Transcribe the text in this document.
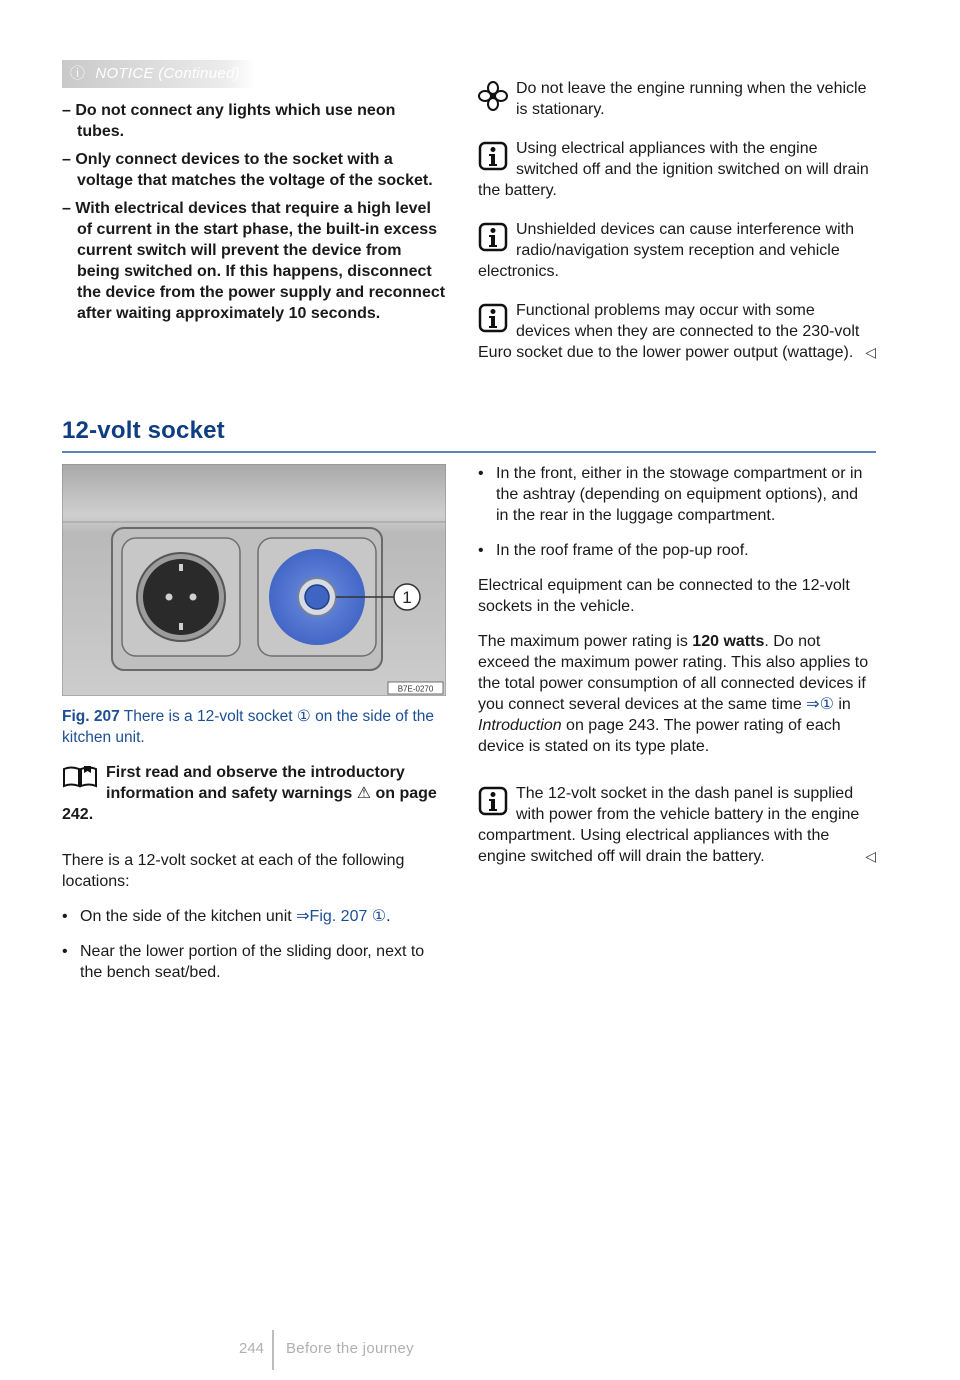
ⓘ NOTICE (Continued)
– Do not connect any lights which use neon tubes.
– Only connect devices to the socket with a voltage that matches the voltage of the socket.
– With electrical devices that require a high level of current in the start phase, the built-in excess current switch will prevent the device from being switched on. If this happens, disconnect the device from the power supply and reconnect after waiting approximately 10 seconds.
12-volt socket
1
B7E-0270

Fig. 207 There is a 12-volt socket ① on the side of the kitchen unit.

First read and observe the introductory information and safety warnings ⚠ on page 242.

There is a 12-volt socket at each of the following locations:

• On the side of the kitchen unit ⇒Fig. 207 ①.
• Near the lower portion of the sliding door, next to the bench seat/bed.
Do not leave the engine running when the vehicle is stationary.
Using electrical appliances with the engine switched off and the ignition switched on will drain the battery.
Unshielded devices can cause interference with radio/navigation system reception and vehicle electronics.
Functional problems may occur with some devices when they are connected to the 230-volt Euro socket due to the lower power output (wattage). ◁
• In the front, either in the stowage compartment or in the ashtray (depending on equipment options), and in the rear in the luggage compartment.
• In the roof frame of the pop-up roof.

Electrical equipment can be connected to the 12-volt sockets in the vehicle.

The maximum power rating is 120 watts. Do not exceed the maximum power rating. This also applies to the total power consumption of all connected devices if you connect several devices at the same time ⇒① in Introduction on page 243. The power rating of each device is stated on its type plate.

The 12-volt socket in the dash panel is supplied with power from the vehicle battery in the engine compartment. Using electrical appliances with the engine switched off will drain the battery.	◁
244 Before the journey
